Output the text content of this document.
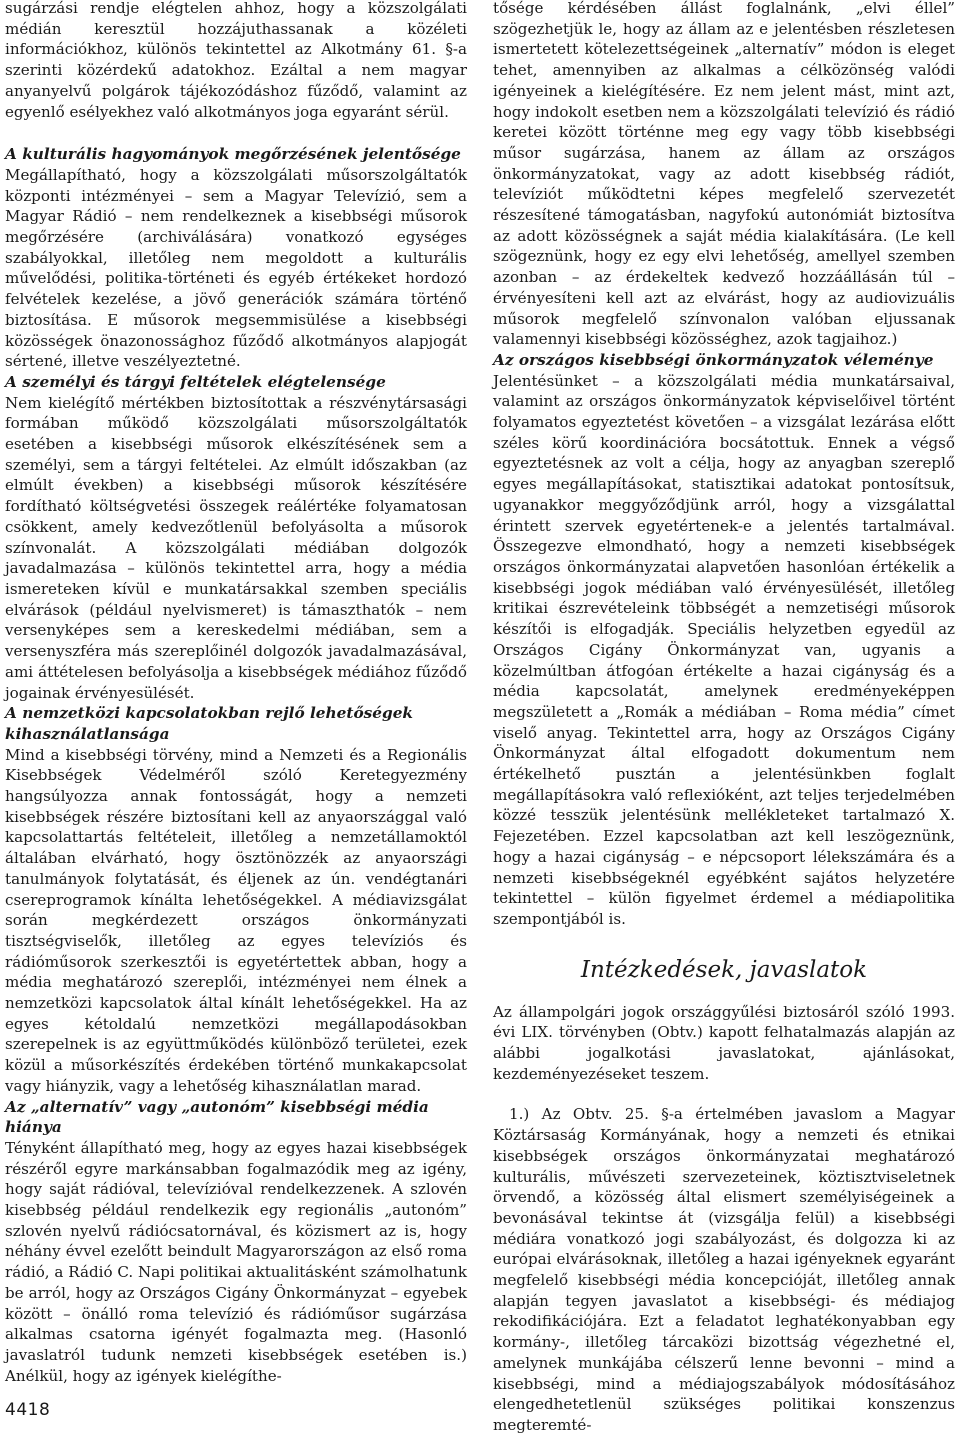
sugárzási rendje elégtelen ahhoz, hogy a közszolgálati médián keresztül hozzájuthassanak a közéleti információkhoz, különös tekintettel az Alkotmány 61. §-a szerinti közérdekű adatokhoz. Ezáltal a nem magyar anyanyelvű polgárok tájékozódáshoz fűződő, valamint az egyenlő esélyekhez való alkotmányos joga egyaránt sérül.

A kulturális hagyományok megőrzésének jelentősége

Megállapítható, hogy a közszolgálati műsorszolgáltatók központi intézményei – sem a Magyar Televízió, sem a Magyar Rádió – nem rendelkeznek a kisebbségi műsorok megőrzésére (archiválására) vonatkozó egységes szabályokkal, illetőleg nem megoldott a kulturális művelődési, politika-történeti és egyéb értékeket hordozó felvételek kezelése, a jövő generációk számára történő biztosítása. E műsorok megsemmisülése a kisebbségi közösségek önazonossághoz fűződő alkotmányos alapjogát sértené, illetve veszélyeztetné.

A személyi és tárgyi feltételek elégtelensége

Nem kielégítő mértékben biztosítottak a részvénytársasági formában működő közszolgálati műsorszolgáltatók esetében a kisebbségi műsorok elkészítésének sem a személyi, sem a tárgyi feltételei. Az elmúlt időszakban (az elmúlt években) a kisebbségi műsorok készítésére fordítható költségvetési összegek reálértéke folyamatosan csökkent, amely kedvezőtlenül befolyásolta a műsorok színvonalát. A közszolgálati médiában dolgozók javadalmazása – különös tekintettel arra, hogy a média ismereteken kívül e munkatársakkal szemben speciális elvárások (például nyelvismeret) is támaszthatók – nem versenyképes sem a kereskedelmi médiában, sem a versenyszféra más szereplőinél dolgozók javadalmazásával, ami áttételesen befolyásolja a kisebbségek médiához fűződő jogainak érvényesülését.

A nemzetközi kapcsolatokban rejlő lehetőségek kihasználatlansága

Mind a kisebbségi törvény, mind a Nemzeti és a Regionális Kisebbségek Védelméről szóló Keretegyezmény hangsúlyozza annak fontosságát, hogy a nemzeti kisebbségek részére biztosítani kell az anyaországgal való kapcsolattartás feltételeit, illetőleg a nemzetállamoktól általában elvárható, hogy ösztönözzék az anyaországi tanulmányok folytatását, és éljenek az ún. vendégtanári csereprogramok kínálta lehetőségekkel. A médiavizsgálat során megkérdezett országos önkormányzati tisztségviselők, illetőleg az egyes televíziós és rádióműsorok szerkesztői is egyetértettek abban, hogy a média meghatározó szereplői, intézményei nem élnek a nemzetközi kapcsolatok által kínált lehetőségekkel. Ha az egyes kétoldalú nemzetközi megállapodásokban szerepelnek is az együttműködés különböző területei, ezek közül a műsorkészítés érdekében történő munkakapcsolat vagy hiányzik, vagy a lehetőség kihasználatlan marad.

Az „alternatív” vagy „autonóm” kisebbségi média hiánya

Tényként állapítható meg, hogy az egyes hazai kisebbségek részéről egyre markánsabban fogalmazódik meg az igény, hogy saját rádióval, televízióval rendelkezzenek. A szlovén kisebbség például rendelkezik egy regionális „autonóm” szlovén nyelvű rádiócsatornával, és közismert az is, hogy néhány évvel ezelőtt beindult Magyarországon az első roma rádió, a Rádió C. Napi politikai aktualitásként számolhatunk be arról, hogy az Országos Cigány Önkormányzat – egyebek között – önálló roma televízió és rádióműsor sugárzása alkalmas csatorna igényét fogalmazta meg. (Hasonló javaslatról tudunk nemzeti kisebbségek esetében is.) Anélkül, hogy az igények kielégíthe-

tősége kérdésében állást foglalnánk, „elvi éllel” szögezhetjük le, hogy az állam az e jelentésben részletesen ismertetett kötelezettségeinek „alternatív” módon is eleget tehet, amennyiben az alkalmas a célközönség valódi igényeinek a kielégítésére. Ez nem jelent mást, mint azt, hogy indokolt esetben nem a közszolgálati televízió és rádió keretei között történne meg egy vagy több kisebbségi műsor sugárzása, hanem az állam az országos önkormányzatokat, vagy az adott kisebbség rádiót, televíziót működtetni képes megfelelő szervezetét részesítené támogatásban, nagyfokú autonómiát biztosítva az adott közösségnek a saját média kialakítására. (Le kell szögeznünk, hogy ez egy elvi lehetőség, amellyel szemben azonban – az érdekeltek kedvező hozzáállásán túl – érvényesíteni kell azt az elvárást, hogy az audiovizuális műsorok megfelelő színvonalon valóban eljussanak valamennyi kisebbségi közösséghez, azok tagjaihoz.)

Az országos kisebbségi önkormányzatok véleménye

Jelentésünket – a közszolgálati média munkatársaival, valamint az országos önkormányzatok képviselőivel történt folyamatos egyeztetést követően – a vizsgálat lezárása előtt széles körű koordinációra bocsátottuk. Ennek a végső egyeztetésnek az volt a célja, hogy az anyagban szereplő egyes megállapításokat, statisztikai adatokat pontosítsuk, ugyanakkor meggyőződjünk arról, hogy a vizsgálattal érintett szervek egyetértenek-e a jelentés tartalmával. Összegezve elmondható, hogy a nemzeti kisebbségek országos önkormányzatai alapvetően hasonlóan értékelik a kisebbségi jogok médiában való érvényesülését, illetőleg kritikai észrevételeink többségét a nemzetiségi műsorok készítői is elfogadják. Speciális helyzetben egyedül az Országos Cigány Önkormányzat van, ugyanis a közelmúltban átfogóan értékelte a hazai cigányság és a média kapcsolatát, amelynek eredményeképpen megszületett a „Romák a médiában – Roma média” címet viselő anyag. Tekintettel arra, hogy az Országos Cigány Önkormányzat által elfogadott dokumentum nem értékelhető pusztán a jelentésünkben foglalt megállapításokra való reflexióként, azt teljes terjedelmében közzé tesszük jelentésünk mellékleteket tartalmazó X. Fejezetében. Ezzel kapcsolatban azt kell leszögeznünk, hogy a hazai cigányság – e népcsoport lélekszámára és a nemzeti kisebbségeknél egyébként sajátos helyzetére tekintettel – külön figyelmet érdemel a médiapolitika szempontjából is.

Intézkedések, javaslatok

Az állampolgári jogok országgyűlési biztosáról szóló 1993. évi LIX. törvényben (Obtv.) kapott felhatalmazás alapján az alábbi jogalkotási javaslatokat, ajánlásokat, kezdeményezéseket teszem.

1.) Az Obtv. 25. §-a értelmében javaslom a Magyar Köztársaság Kormányának, hogy a nemzeti és etnikai kisebbségek országos önkormányzatai meghatározó kulturális, művészeti szervezeteinek, köztisztviseletnek örvendő, a közösség által elismert személyiségeinek a bevonásával tekintse át (vizsgálja felül) a kisebbségi médiára vonatkozó jogi szabályozást, és dolgozza ki az európai elvárásoknak, illetőleg a hazai igényeknek egyaránt megfelelő kisebbségi média koncepcióját, illetőleg annak alapján tegyen javaslatot a kisebbségi- és médiajog rekodifikációjára. Ezt a feladatot leghatékonyabban egy kormány-, illetőleg tárcaközi bizottság végezhetné el, amelynek munkájába célszerű lenne bevonni – mind a kisebbségi, mind a médiajogszabályok módosításához elengedhetetlenül szükséges politikai konszenzus megteremté-

4418
